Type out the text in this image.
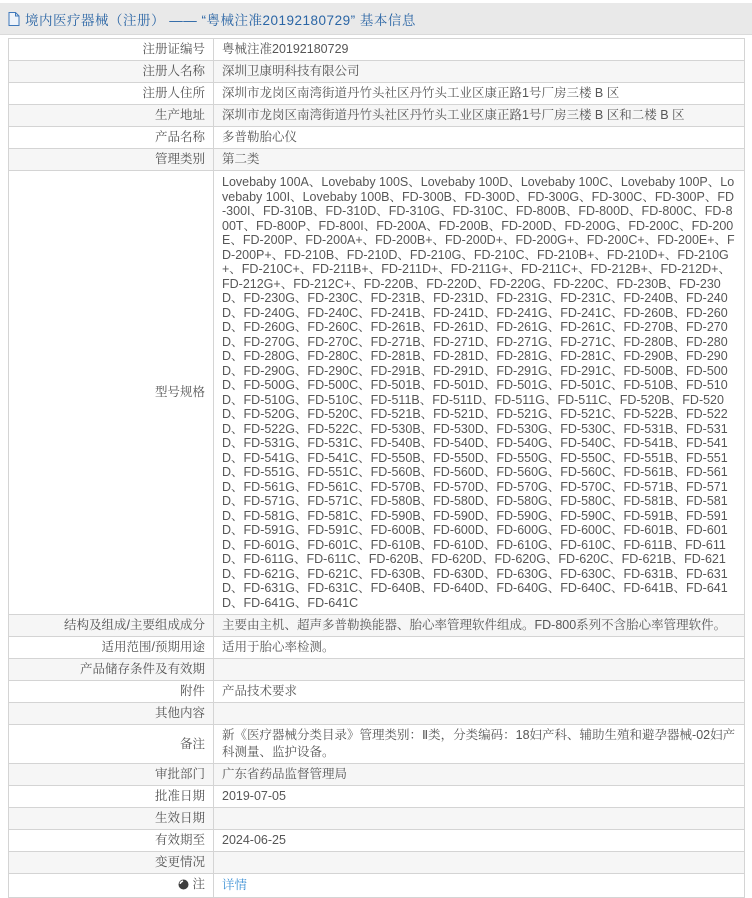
境内医疗器械（注册） —— “粤械注准20192180729” 基本信息
注册证编号	粤械注准20192180729
注册人名称	深圳卫康明科技有限公司
注册人住所	深圳市龙岗区南湾街道丹竹头社区丹竹头工业区康正路1号厂房三楼 B 区
生产地址	深圳市龙岗区南湾街道丹竹头社区丹竹头工业区康正路1号厂房三楼 B 区和二楼 B 区
产品名称	多普勒胎心仪
管理类别	第二类
型号规格	Lovebaby 100A、Lovebaby 100S、Lovebaby 100D、Lovebaby 100C、Lovebaby 100P、Lovebaby 100I、Lovebaby 100B、FD-300B、FD-300D、FD-300G、FD-300C、FD-300P、FD-300I、FD-310B、FD-310D、FD-310G、FD-310C、FD-800B、FD-800D、FD-800C、FD-800T、FD-800P、FD-800I、FD-200A、FD-200B、FD-200D、FD-200G、FD-200C、FD-200E、FD-200P、FD-200A+、FD-200B+、FD-200D+、FD-200G+、FD-200C+、FD-200E+、FD-200P+、FD-210B、FD-210D、FD-210G、FD-210C、FD-210B+、FD-210D+、FD-210G+、FD-210C+、FD-211B+、FD-211D+、FD-211G+、FD-211C+、FD-212B+、FD-212D+、FD-212G+、FD-212C+、FD-220B、FD-220D、FD-220G、FD-220C、FD-230B、FD-230D、FD-230G、FD-230C、FD-231B、FD-231D、FD-231G、FD-231C、FD-240B、FD-240D、FD-240G、FD-240C、FD-241B、FD-241D、FD-241G、FD-241C、FD-260B、FD-260D、FD-260G、FD-260C、FD-261B、FD-261D、FD-261G、FD-261C、FD-270B、FD-270D、FD-270G、FD-270C、FD-271B、FD-271D、FD-271G、FD-271C、FD-280B、FD-280D、FD-280G、FD-280C、FD-281B、FD-281D、FD-281G、FD-281C、FD-290B、FD-290D、FD-290G、FD-290C、FD-291B、FD-291D、FD-291G、FD-291C、FD-500B、FD-500D、FD-500G、FD-500C、FD-501B、FD-501D、FD-501G、FD-501C、FD-510B、FD-510D、FD-510G、FD-510C、FD-511B、FD-511D、FD-511G、FD-511C、FD-520B、FD-520D、FD-520G、FD-520C、FD-521B、FD-521D、FD-521G、FD-521C、FD-522B、FD-522D、FD-522G、FD-522C、FD-530B、FD-530D、FD-530G、FD-530C、FD-531B、FD-531D、FD-531G、FD-531C、FD-540B、FD-540D、FD-540G、FD-540C、FD-541B、FD-541D、FD-541G、FD-541C、FD-550B、FD-550D、FD-550G、FD-550C、FD-551B、FD-551D、FD-551G、FD-551C、FD-560B、FD-560D、FD-560G、FD-560C、FD-561B、FD-561D、FD-561G、FD-561C、FD-570B、FD-570D、FD-570G、FD-570C、FD-571B、FD-571D、FD-571G、FD-571C、FD-580B、FD-580D、FD-580G、FD-580C、FD-581B、FD-581D、FD-581G、FD-581C、FD-590B、FD-590D、FD-590G、FD-590C、FD-591B、FD-591D、FD-591G、FD-591C、FD-600B、FD-600D、FD-600G、FD-600C、FD-601B、FD-601D、FD-601G、FD-601C、FD-610B、FD-610D、FD-610G、FD-610C、FD-611B、FD-611D、FD-611G、FD-611C、FD-620B、FD-620D、FD-620G、FD-620C、FD-621B、FD-621D、FD-621G、FD-621C、FD-630B、FD-630D、FD-630G、FD-630C、FD-631B、FD-631D、FD-631G、FD-631C、FD-640B、FD-640D、FD-640G、FD-640C、FD-641B、FD-641D、FD-641G、FD-641C
结构及组成/主要组成成分	主要由主机、超声多普勒换能器、胎心率管理软件组成。FD-800系列不含胎心率管理软件。
适用范围/预期用途	适用于胎心率检测。
产品储存条件及有效期	
附件	产品技术要求
其他内容	
备注	新《医疗器械分类目录》管理类别：Ⅱ类，分类编码：18妇产科、辅助生殖和避孕器械-02妇产科测量、监护设备。
审批部门	广东省药品监督管理局
批准日期	2019-07-05
生效日期	
有效期至	2024-06-25
变更情况	
注	详情
